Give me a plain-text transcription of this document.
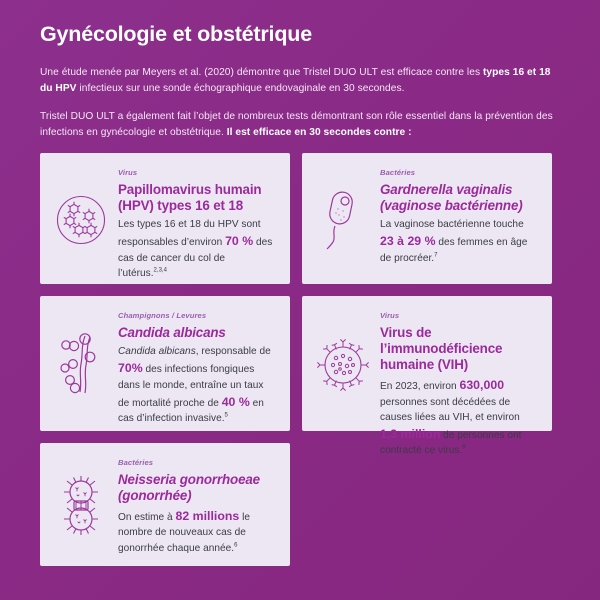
Gynécologie et obstétrique

Une étude menée par Meyers et al. (2020) démontre que Tristel DUO ULT est efficace contre les types 16 et 18 du HPV infectieux sur une sonde échographique endovaginale en 30 secondes.

Tristel DUO ULT a également fait l’objet de nombreux tests démontrant son rôle essentiel dans la prévention des infections en gynécologie et obstétrique. Il est efficace en 30 secondes contre :

Virus
Papillomavirus humain (HPV) types 16 et 18
Les types 16 et 18 du HPV sont responsables d’environ 70 % des cas de cancer du col de l’utérus.$^{2,3,4}$
Bactéries
Gardnerella vaginalis (vaginose bactérienne)
La vaginose bactérienne touche 23 à 29 % des femmes en âge de procréer.$^7$
Champignons / Levures
Candida albicans
Candida albicans, responsable de 70% des infections fongiques dans le monde, entraîne un taux de mortalité proche de 40 % en cas d’infection invasive.$^5$
Virus
Virus de l’immunodéficience humaine (VIH)
En 2023, environ 630,000 personnes sont décédées de causes liées au VIH, et environ 1,3 million de personnes ont contracté ce virus.$^8$
Bactéries
Neisseria gonorrhoeae (gonorrhée)
On estime à 82 millions le nombre de nouveaux cas de gonorrhée chaque année.$^6$
